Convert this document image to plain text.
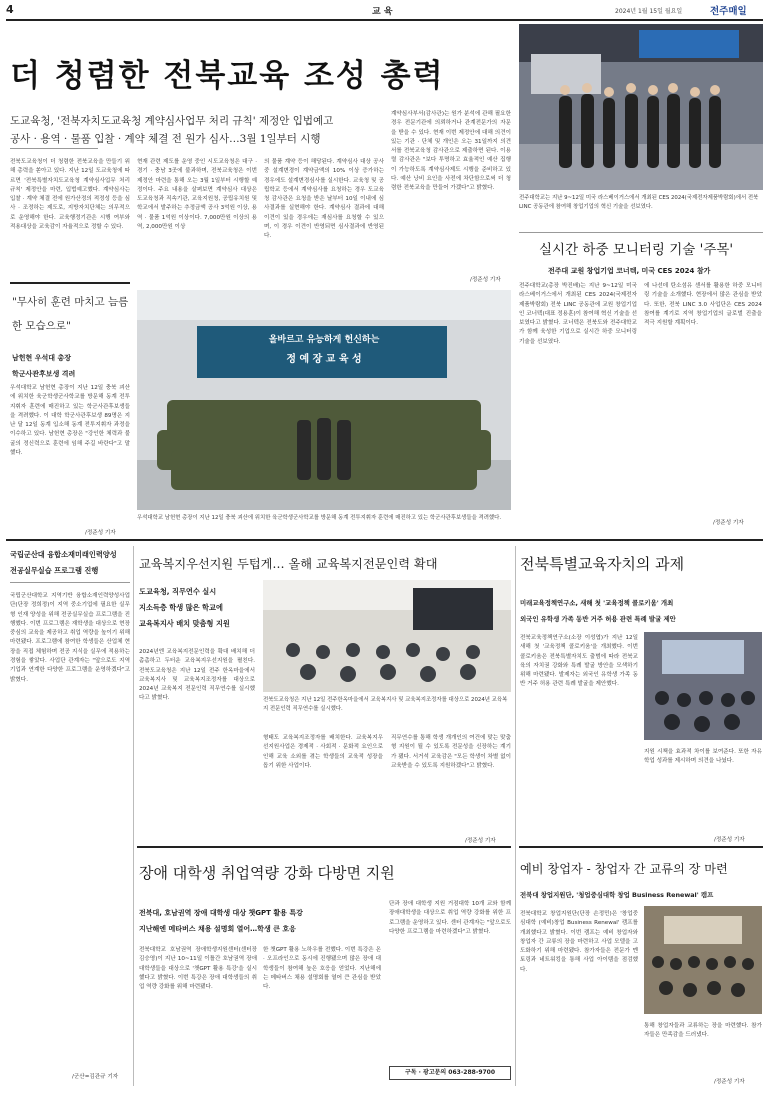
4	교 육	2024년 1월 15일 월요일	전주매일
더 청렴한 전북교육 조성 총력
도교육청, '전북자치도교육청 계약심사업무 처리 규칙' 제정안 입법예고
공사 · 용역 · 물품 입찰 · 계약 체결 전 원가 심사…3월 1일부터 시행
전북도교육청이 더 청렴한 전북교육을 만들기 위해 총력을 쏟아고 있다. 지난 12일 도교육청에 따르면 '전북특별자치도교육청 계약심사업무 처리 규칙' 제정안을 마련, 입법예고했다. 계약심사는 입찰 · 계약 체결 전에 원가산정의 적정성 등을 심사 · 조정하는 제도로, 지방자치단체는 의무적으로 운영해야 한다. 교육행정기관은 시행 여부와 적용대상을 교육감이 자율적으로 정할 수 있다.
현재 관련 제도를 운영 중인 시도교육청은 대구 · 경기 · 충남 3곳에 불과하며, 전북교육청은 이번 제정안 마련을 통해 오는 3월 1일부터 시행할 예정이다. 주요 내용을 살펴보면 계약심사 대상은 도교육청과 직속기관, 교육지원청, 공립유치원 및 학교에서 발주하는 추정금액 공사 3억원 이상, 용역 · 물품 1억원 이상이다. 7,000만원 이상의 용역, 2,000만원 이상
의 물품 계약 등이 해당된다. 계약심사 대상 공사 중 설계변경이 계약금액의 10% 이상 증가하는 경우에도 설계변경심사를 실시한다. 교육청 및 공립학교 등에서 계약심사를 요청하는 경우 도교육청 감사관은 요청을 받은 날부터 10일 이내에 심사결과를 실현해야 한다. 계약심사 결과에 대해 이견이 있을 경우에는 재심사를 요청할 수 있으며, 이 경우 이견이 반영되면 심사결과에 반영된다.
계약심사부서(감사관)는 원가 분석에 관해 필요한 경우 전문기관에 의뢰하거나 관계전문가의 자문을 받을 수 있다. 현재 이번 제정안에 대해 의견이 있는 기관 · 단체 및 개인은 오는 31일까지 의견서를 전북교육청 감사관으로 제출하면 된다. 이용렬 감사관은 "보다 투명하고 효율적인 예산 집행이 가능하도록 계약심사제도 시행을 준비하고 있다. 예산 낭비 요인을 사전에 차단함으로써 더 청렴한 전북교육을 만들어 가겠다"고 밝혔다.
/정준성 기자
전주대학교는 지난 9~12일 미국 라스베이거스에서 개최된 CES 2024(국제전자제품박람회)에서 전북 LINC 공동관에 참여해 창업기업의 혁신 기술을 선보였다.
실시간 하중 모니터링 기술 '주목'
전주대 교원 창업기업 코너텍, 미국 CES 2024 참가
전주대학교(총장 박진배)는 지난 9~12일 미국 라스베이거스에서 개최된 CES 2024(국제전자제품박람회) 전북 LINC 공동관에 교원 창업기업인 코너텍(대표 정용훈)이 참여해 혁신 기술을 선보였다고 밝혔다. 코너텍은 전북도와 전주대학교가 함께 육성한 기업으로 실시간 하중 모니터링 기술을 선보였다.
에 나선데 탄소섬유 센서를 활용한 하중 모니터링 기술을 소개했다. 현장에서 많은 관심을 받았다. 또한, 전북 LINC 3.0 사업단은 CES 2024 참여를 계기로 지역 창업기업의 글로벌 진출을 적극 지원할 계획이다.
/정준성 기자
"무사히 훈련 마치고 늠름한 모습으로"
남헌현 우석대 총장
학군사관후보생 격려
우석대학교 남헌현 총장이 지난 12일 충북 괴산에 위치한 육군학생군사학교를 방문해 동계 전투지휘자 훈련에 매진하고 있는 학군사관후보생들을 격려했다. 이 대학 학군사관후보생 89명은 지난 달 12일 동계 입소해 동계 전투지휘자 과정을 이수하고 있다. 남헌현 총장은 "강인한 체력과 불굴의 정신력으로 훈련에 임해 주길 바란다"고 말했다.
/정준성 기자
올바르고 유능하게 헌신하는
정 예 장 교 육 성
우석대학교 남헌현 총장이 지난 12일 충북 괴산에 위치한 육군학생군사학교를 방문해 동계 전투지휘자 훈련에 매진하고 있는 학군사관후보생들을 격려했다.
국립군산대 융합소재미래인력양성
전공실무실습 프로그램 진행
국립군산대학교 지역기반 융합소재인력양성사업단(단장 정희정)이 지역 중소기업에 필요한 실무형 인재 양성을 위해 전공실무실습 프로그램을 진행했다. 이번 프로그램은 재학생을 대상으로 현장 중심의 교육을 제공하고 취업 역량을 높이기 위해 마련됐다. 프로그램에 참여한 학생들은 산업체 현장을 직접 체험하며 전공 지식을 실무에 적용하는 경험을 쌓았다. 사업단 관계자는 "앞으로도 지역 기업과 연계한 다양한 프로그램을 운영하겠다"고 밝혔다.
/군산=김관규 기자
교육복지우선지원 두텁게… 올해 교육복지전문인력 확대
도교육청, 직무연수 실시
지소득층 학생 많은 학교에
교육복지사 배치 맞춤형 지원
2024년엔 교육복지전문인력을 확대 배치해 더 촘촘하고 두터운 교육복지우선지원을 펼친다. 전북도교육청은 지난 12일 전주 한옥마을에서 교육복지사 및 교육복지조정자를 대상으로 2024년 교육복지 전문인력 직무연수를 실시했다고 밝혔다.	전북도교육청은 지난 12일 전주한옥마을에서 교육복지사 및 교육복지조정자를 대상으로 2024년 교육복지 전문인력 직무연수를 실시했다.
형태도 교육복지조정자를 배치한다. 교육복지우선지원사업은 경제적 · 사회적 · 문화적 요인으로 인해 교육 소외를 겪는 학생들의 교육적 성장을 돕기 위한 사업이다.
직무연수를 통해 학생 개개인의 여건에 맞는 맞춤형 지원이 될 수 있도록 전문성을 신장하는 계기가 됐다. 서거석 교육감은 "모든 학생이 차별 없이 교육받을 수 있도록 지원하겠다"고 밝혔다.
/정준성 기자
전북특별교육자치의 과제
미래교육정책연구소, 새해 첫 '교육정책 콜로키움' 개최
외국인 유학생 가족 동반 거주 허용 관련 특례 발굴 제안
전북교육정책연구소(소장 이성엽)가 지난 12일 새해 첫 '교육정책 콜로키움'을 개최했다. 이번 콜로키움은 전북특별자치도 출범에 따라 전북교육의 자치권 강화와 특례 발굴 방안을 모색하기 위해 마련됐다. 발제자는 외국인 유학생 가족 동반 거주 허용 관련 특례 발굴을 제안했다.
지원 시책을 효과적 차이를 보여준다. 또한 자유 학업 성과를 제시하며 의견을 나눴다.
/정준성 기자
장애 대학생 취업역량 강화 다방면 지원
전북대, 호남권역 장애 대학생 대상 챗GPT 활용 특강
지난해엔 메타버스 채용 설명회 열어…학생 큰 호응
전북대학교 호남권역 장애학생지원센터(센터장 김승영)이 지난 10~11일 이틀간 호남권역 장애 대학생들을 대상으로 '챗GPT 활용 특강'을 실시했다고 밝혔다. 이번 특강은 장애 대학생들의 취업 역량 강화를 위해 마련됐다.
한 챗GPT 활용 노하우를 전했다. 이번 특강은 온 · 오프라인으로 동시에 진행됐으며 많은 장애 대학생들이 참여해 높은 호응을 얻었다. 지난해에는 메타버스 채용 설명회를 열어 큰 관심을 받았다.
단과 장애 대학생 지원 거점대학 10개 교와 함께 장애대학생을 대상으로 취업 역량 강화를 위한 프로그램을 운영하고 있다. 센터 관계자는 "앞으로도 다양한 프로그램을 마련하겠다"고 밝혔다.
구독 · 광고문의 063-288-9700
예비 창업자 - 창업자 간 교류의 장 마련
전북대 창업지원단, '청업중심대학 창업 Business Renewal' 캠프
전북대학교 창업지원단(단장 손정민)은 '창업중심대학 (예비)창업 Business Renewal' 캠프를 개최했다고 밝혔다. 이번 캠프는 예비 창업자와 창업자 간 교류의 장을 마련하고 사업 모델을 고도화하기 위해 마련됐다. 참가자들은 전문가 멘토링과 네트워킹을 통해 사업 아이템을 점검했다.
통해 창업자들과 교류하는 장을 마련했다. 참가자들은 만족감을 드러냈다.
/정준성 기자
